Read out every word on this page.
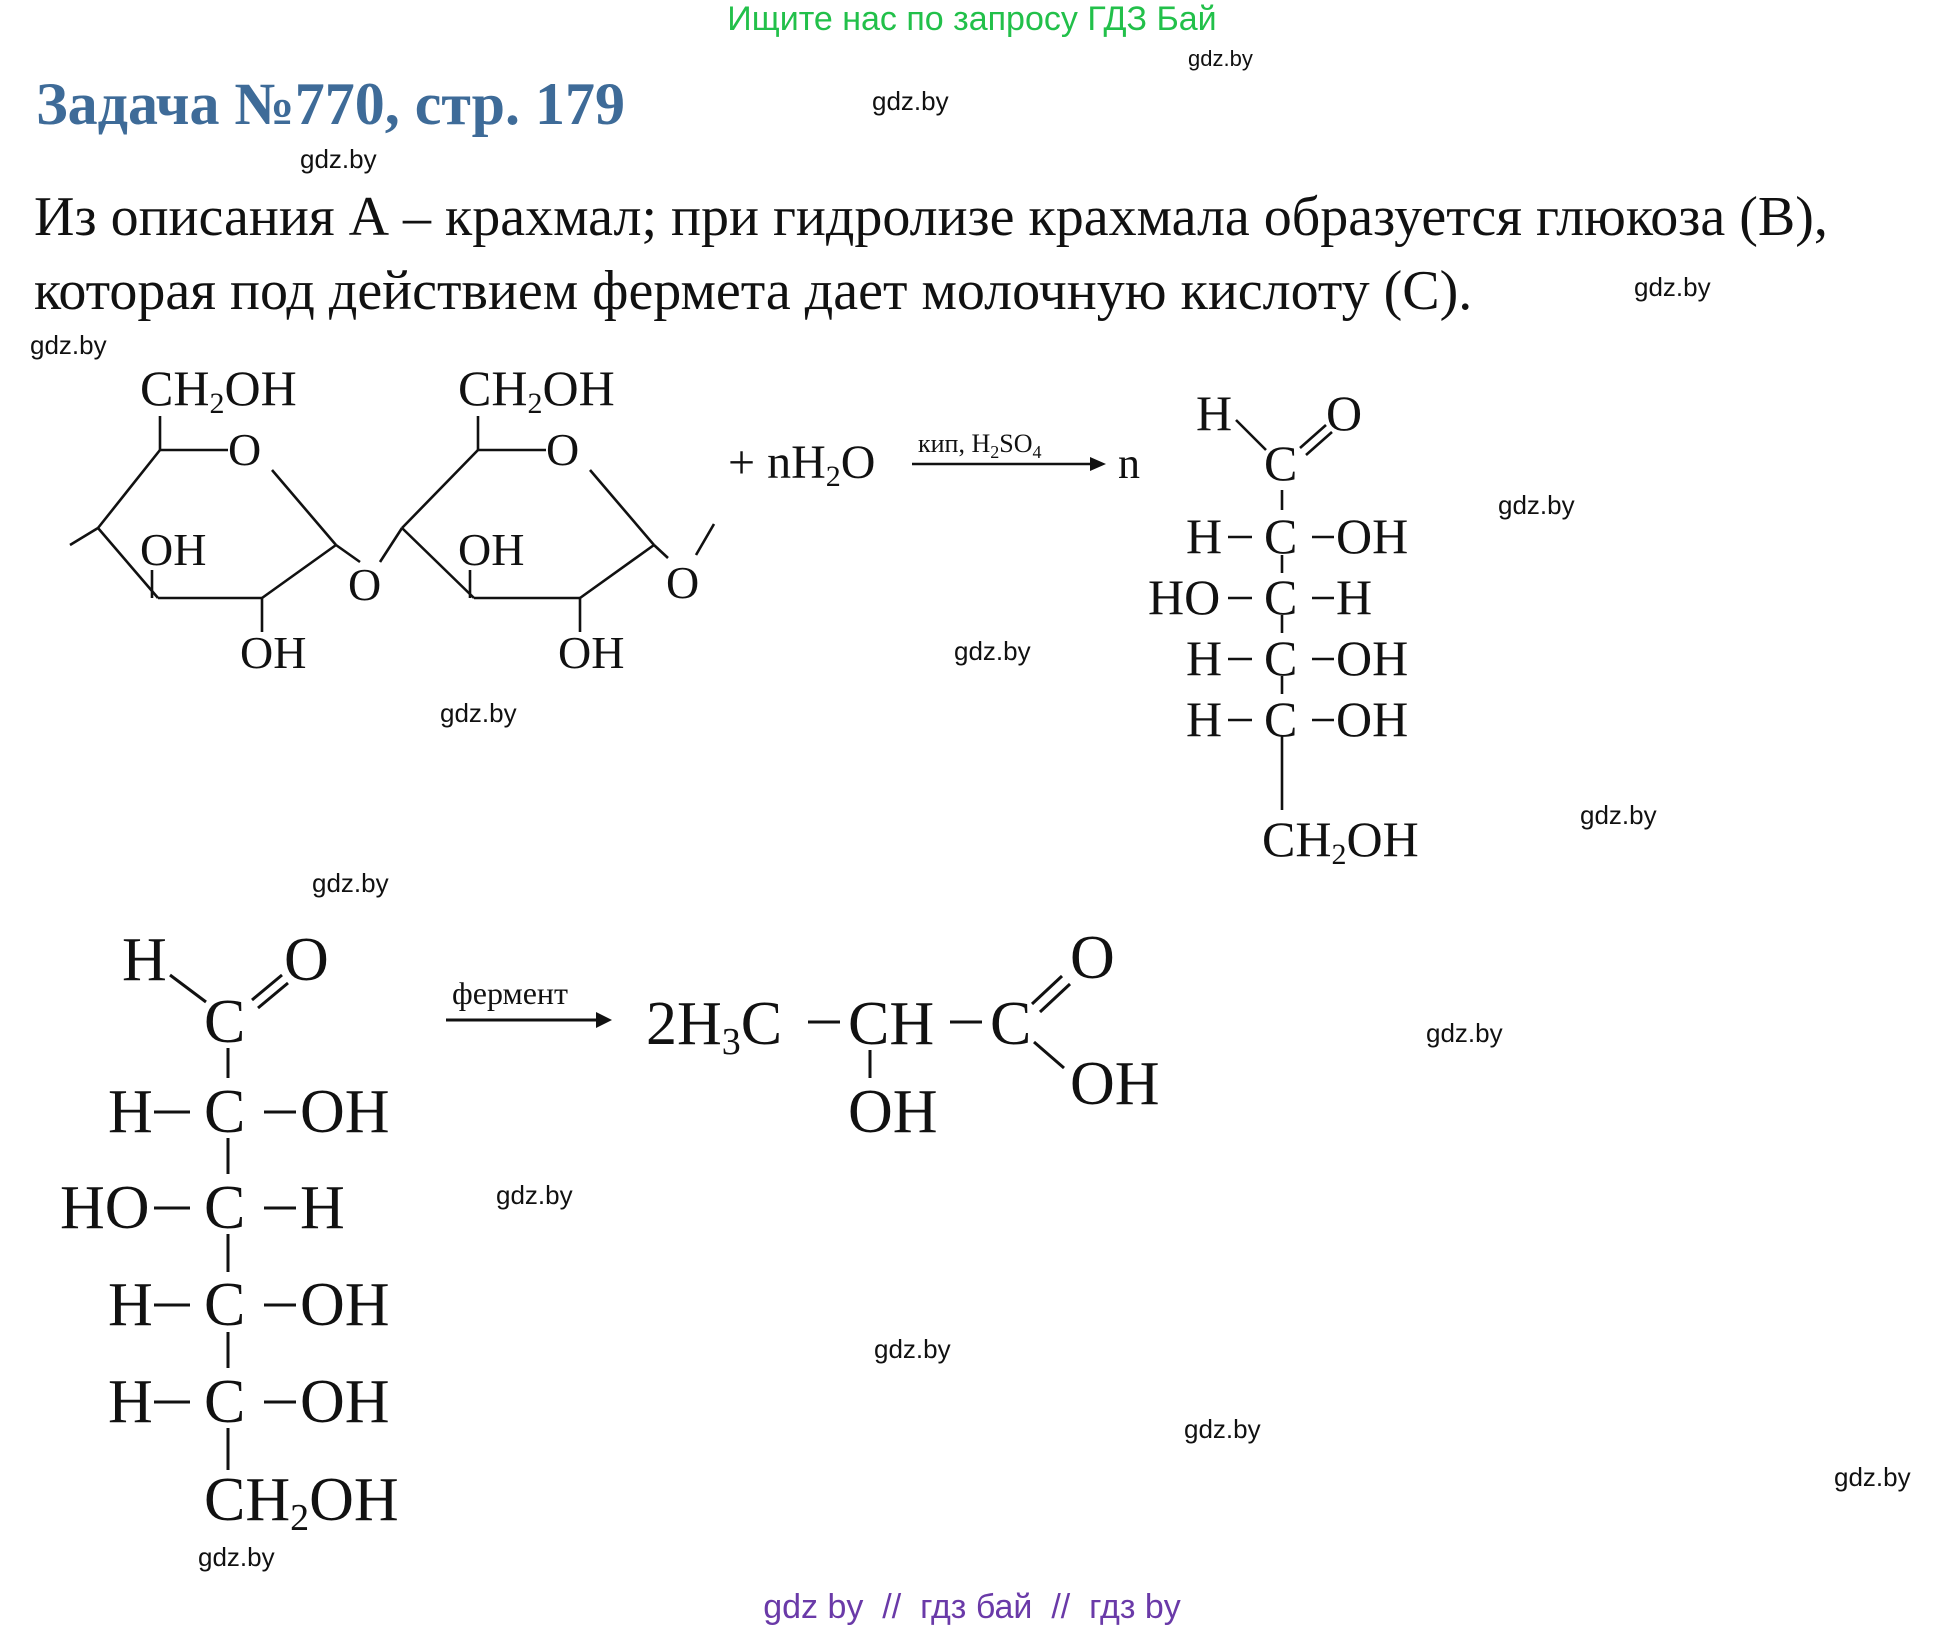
Ищите нас по запросу ГДЗ Бай
Задача №770, стр. 179
Из описания А – крахмал; при гидролизе крахмала образуется глюкоза (В),
которая под действием фермета дает молочную кислоту (С).
gdz.by
gdz.by
gdz.by
gdz.by
gdz.by
gdz.by
gdz.by
gdz.by
gdz.by
gdz.by
gdz.by
gdz.by
gdz.by
gdz.by
gdz.by
gdz.by
CH2OH
O
OH
OH
O
CH2OH
O
OH
OH
O
+ nH2O кип, $H_2SO_4$ n
H O
C
H C OH
HO C H
H C OH
H C OH
CH2OH
H O
C
H C OH
HO C H
H C OH
H C OH
CH2OH
фермент 2H3C CH C
O
OH
OH
gdz by  //  гдз бай  //  гдз by
